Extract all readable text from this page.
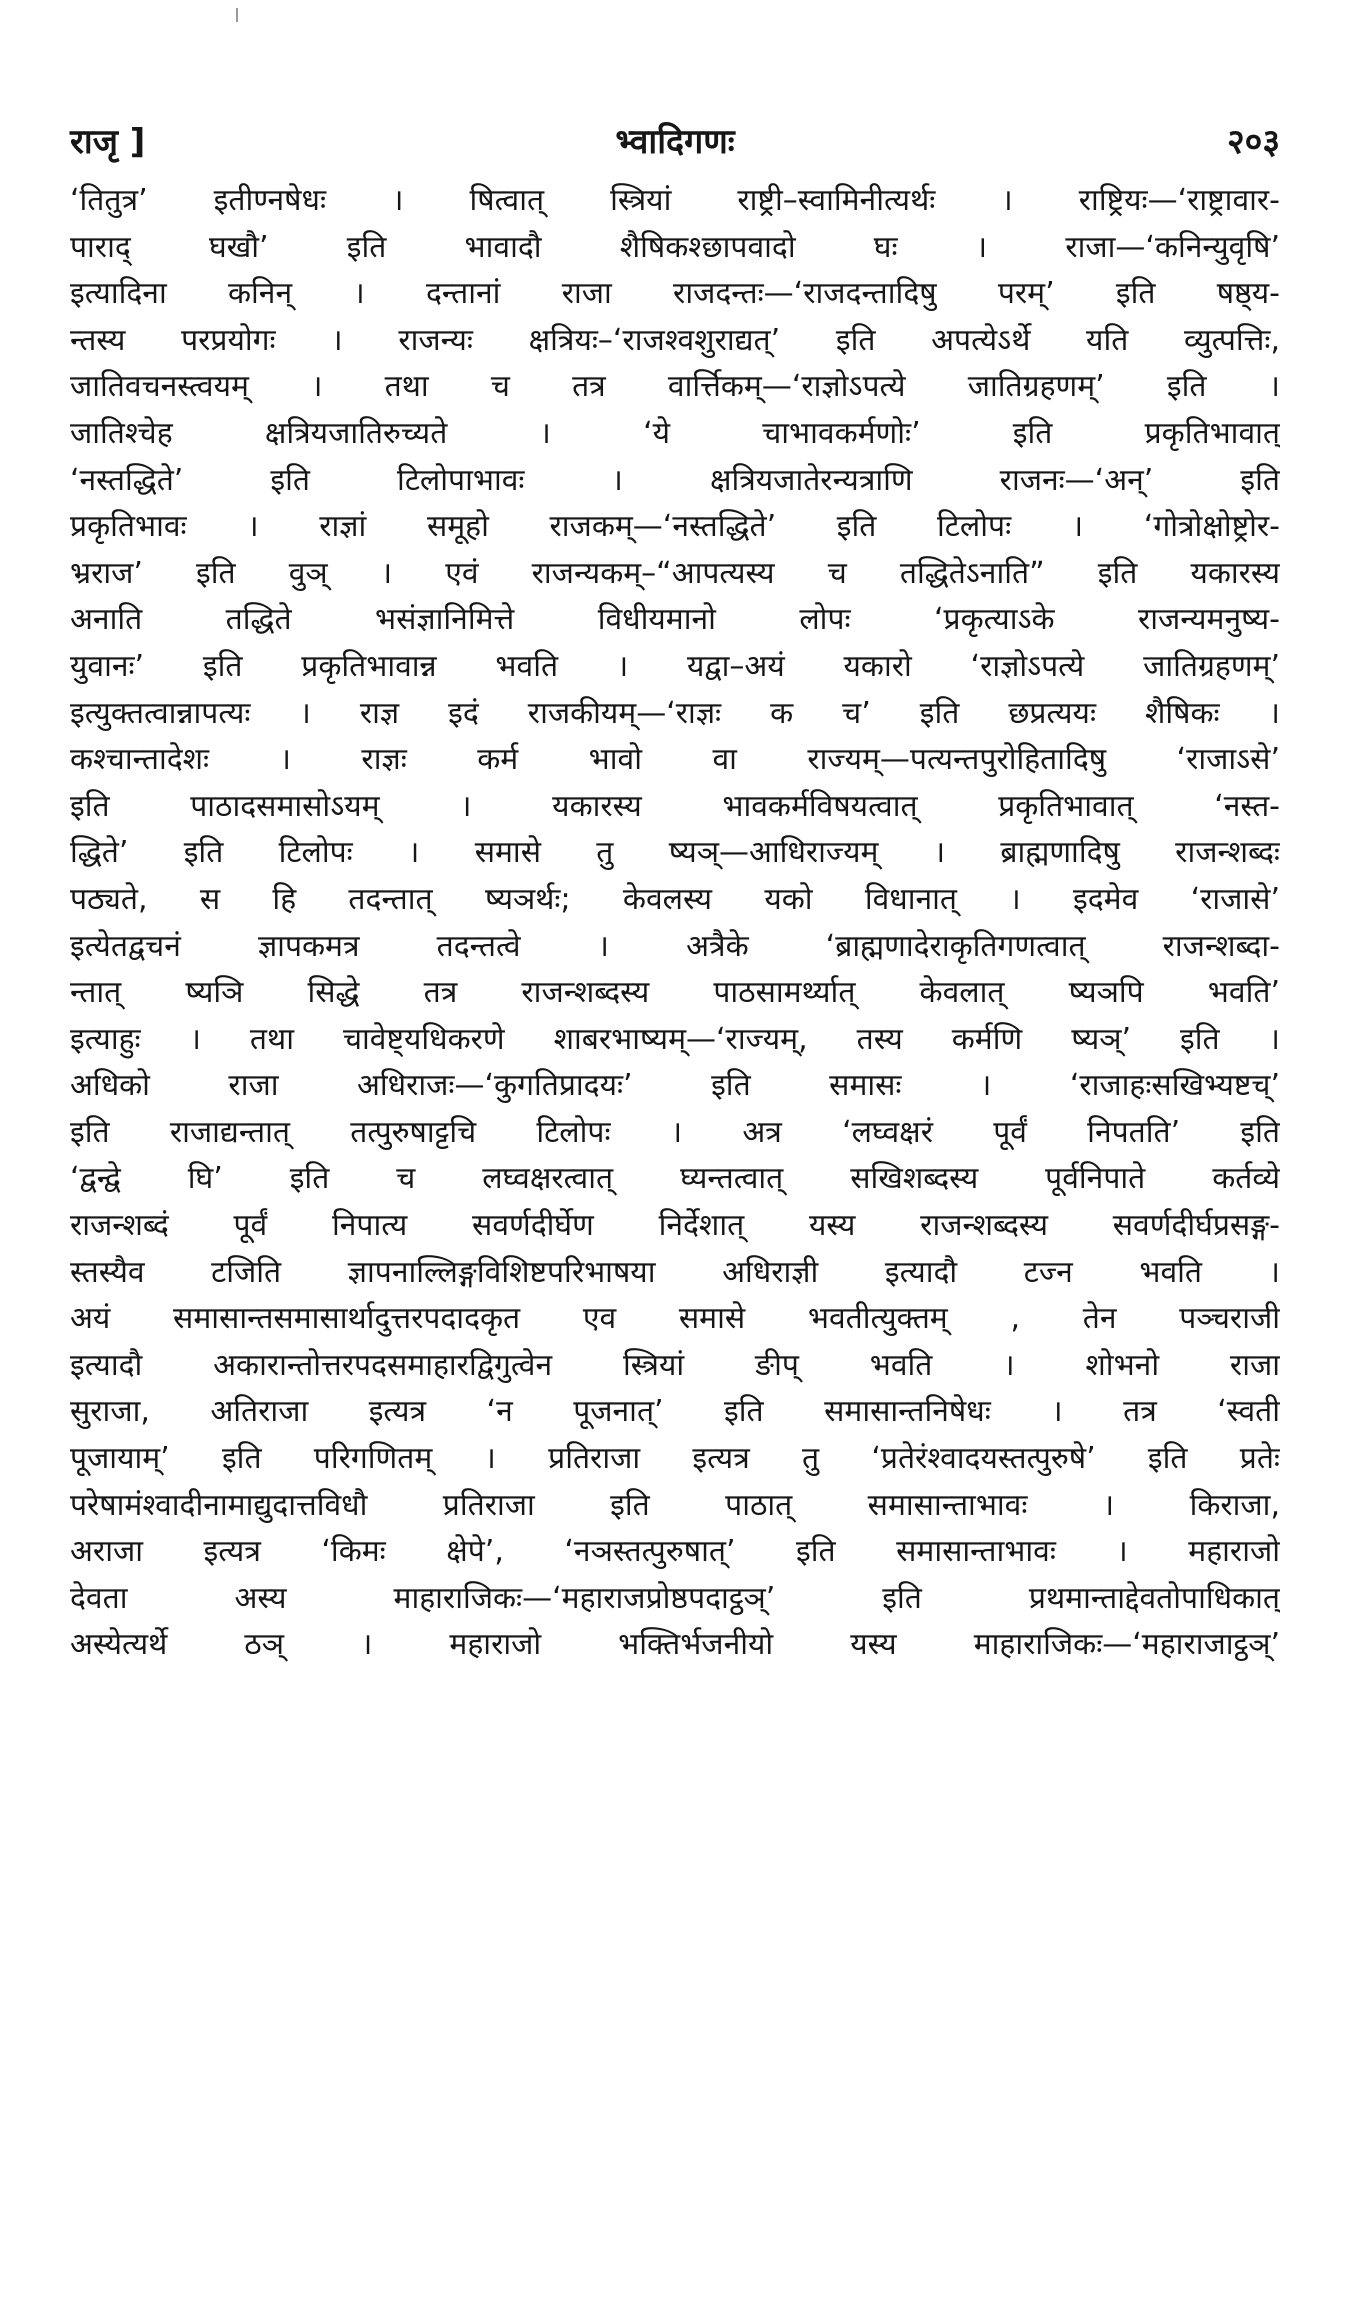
भ्वादिगणः
राजृ ]	२०३
‘तितुत्र’ इतीण्नषेधः । षित्वात् स्त्रियां राष्ट्री–स्वामिनीत्यर्थः । राष्ट्रियः—‘राष्ट्रावार-
पाराद् घखौ’ इति भावादौ शैषिकश्छापवादो घः । राजा—‘कनिन्युवृषि’
इत्यादिना कनिन् । दन्तानां राजा राजदन्तः—‘राजदन्तादिषु परम्’ इति षष्ठ्य-
न्तस्य परप्रयोगः । राजन्यः क्षत्रियः–‘राजश्वशुराद्यत्’ इति अपत्येऽर्थे यति व्युत्पत्तिः,
जातिवचनस्त्वयम् । तथा च तत्र वार्त्तिकम्—‘राज्ञोऽपत्ये जातिग्रहणम्’ इति ।
जातिश्चेह क्षत्रियजातिरुच्यते । ‘ये चाभावकर्मणोः’ इति प्रकृतिभावात्
‘नस्तद्धिते’ इति टिलोपाभावः । क्षत्रियजातेरन्यत्राणि राजनः—‘अन्’ इति
प्रकृतिभावः । राज्ञां समूहो राजकम्—‘नस्तद्धिते’ इति टिलोपः । ‘गोत्रोक्षोष्ट्रोर-
भ्रराज’ इति वुञ् । एवं राजन्यकम्–“आपत्यस्य च तद्धितेऽनाति” इति यकारस्य
अनाति तद्धिते भसंज्ञानिमित्ते विधीयमानो लोपः ‘प्रकृत्याऽके राजन्यमनुष्य-
युवानः’ इति प्रकृतिभावान्न भवति । यद्वा–अयं यकारो ‘राज्ञोऽपत्ये जातिग्रहणम्’
इत्युक्तत्वान्नापत्यः । राज्ञ इदं राजकीयम्—‘राज्ञः क च’ इति छप्रत्ययः शैषिकः ।
कश्चान्तादेशः । राज्ञः कर्म भावो वा राज्यम्—पत्यन्तपुरोहितादिषु ‘राजाऽसे’
इति पाठादसमासोऽयम् । यकारस्य भावकर्मविषयत्वात् प्रकृतिभावात् ‘नस्त-
द्धिते’ इति टिलोपः । समासे तु ष्यञ्—आधिराज्यम् । ब्राह्मणादिषु राजन्शब्दः
पठ्यते, स हि तदन्तात् ष्यञर्थः; केवलस्य यको विधानात् । इदमेव ‘राजासे’
इत्येतद्वचनं ज्ञापकमत्र तदन्तत्वे । अत्रैके ‘ब्राह्मणादेराकृतिगणत्वात् राजन्शब्दा-
न्तात् ष्यञि सिद्धे तत्र राजन्शब्दस्य पाठसामर्थ्यात् केवलात् ष्यञपि भवति’
इत्याहुः । तथा चावेष्ट्यधिकरणे शाबरभाष्यम्—‘राज्यम्, तस्य कर्मणि ष्यञ्’ इति ।
अधिको राजा अधिराजः—‘कुगतिप्रादयः’ इति समासः । ‘राजाहःसखिभ्यष्टच्’
इति राजाद्यन्तात् तत्पुरुषाट्टचि टिलोपः । अत्र ‘लघ्वक्षरं पूर्वं निपतति’ इति
‘द्वन्द्वे घि’ इति च लघ्वक्षरत्वात् घ्यन्तत्वात् सखिशब्दस्य पूर्वनिपाते कर्तव्ये
राजन्शब्दं पूर्वं निपात्य सवर्णदीर्घेण निर्देशात् यस्य राजन्शब्दस्य सवर्णदीर्घप्रसङ्ग-
स्तस्यैव टजिति ज्ञापनाल्लिङ्गविशिष्टपरिभाषया अधिराज्ञी इत्यादौ टज्न भवति ।
अयं समासान्तसमासार्थादुत्तरपदादकृत एव समासे भवतीत्युक्तम् , तेन पञ्चराजी
इत्यादौ अकारान्तोत्तरपदसमाहारद्विगुत्वेन स्त्रियां ङीप् भवति । शोभनो राजा
सुराजा, अतिराजा इत्यत्र ‘न पूजनात्’ इति समासान्तनिषेधः । तत्र ‘स्वती
पूजायाम्’ इति परिगणितम् । प्रतिराजा इत्यत्र तु ‘प्रतेरंश्वादयस्तत्पुरुषे’ इति प्रतेः
परेषामंश्वादीनामाद्युदात्तविधौ प्रतिराजा इति पाठात् समासान्ताभावः । किराजा,
अराजा इत्यत्र ‘किमः क्षेपे’, ‘नञस्तत्पुरुषात्’ इति समासान्ताभावः । महाराजो
देवता अस्य माहाराजिकः—‘महाराजप्रोष्ठपदाट्ठञ्’ इति प्रथमान्ताद्देवतोपाधिकात्
अस्येत्यर्थे ठञ् । महाराजो भक्तिर्भजनीयो यस्य माहाराजिकः—‘महाराजाट्ठञ्’
